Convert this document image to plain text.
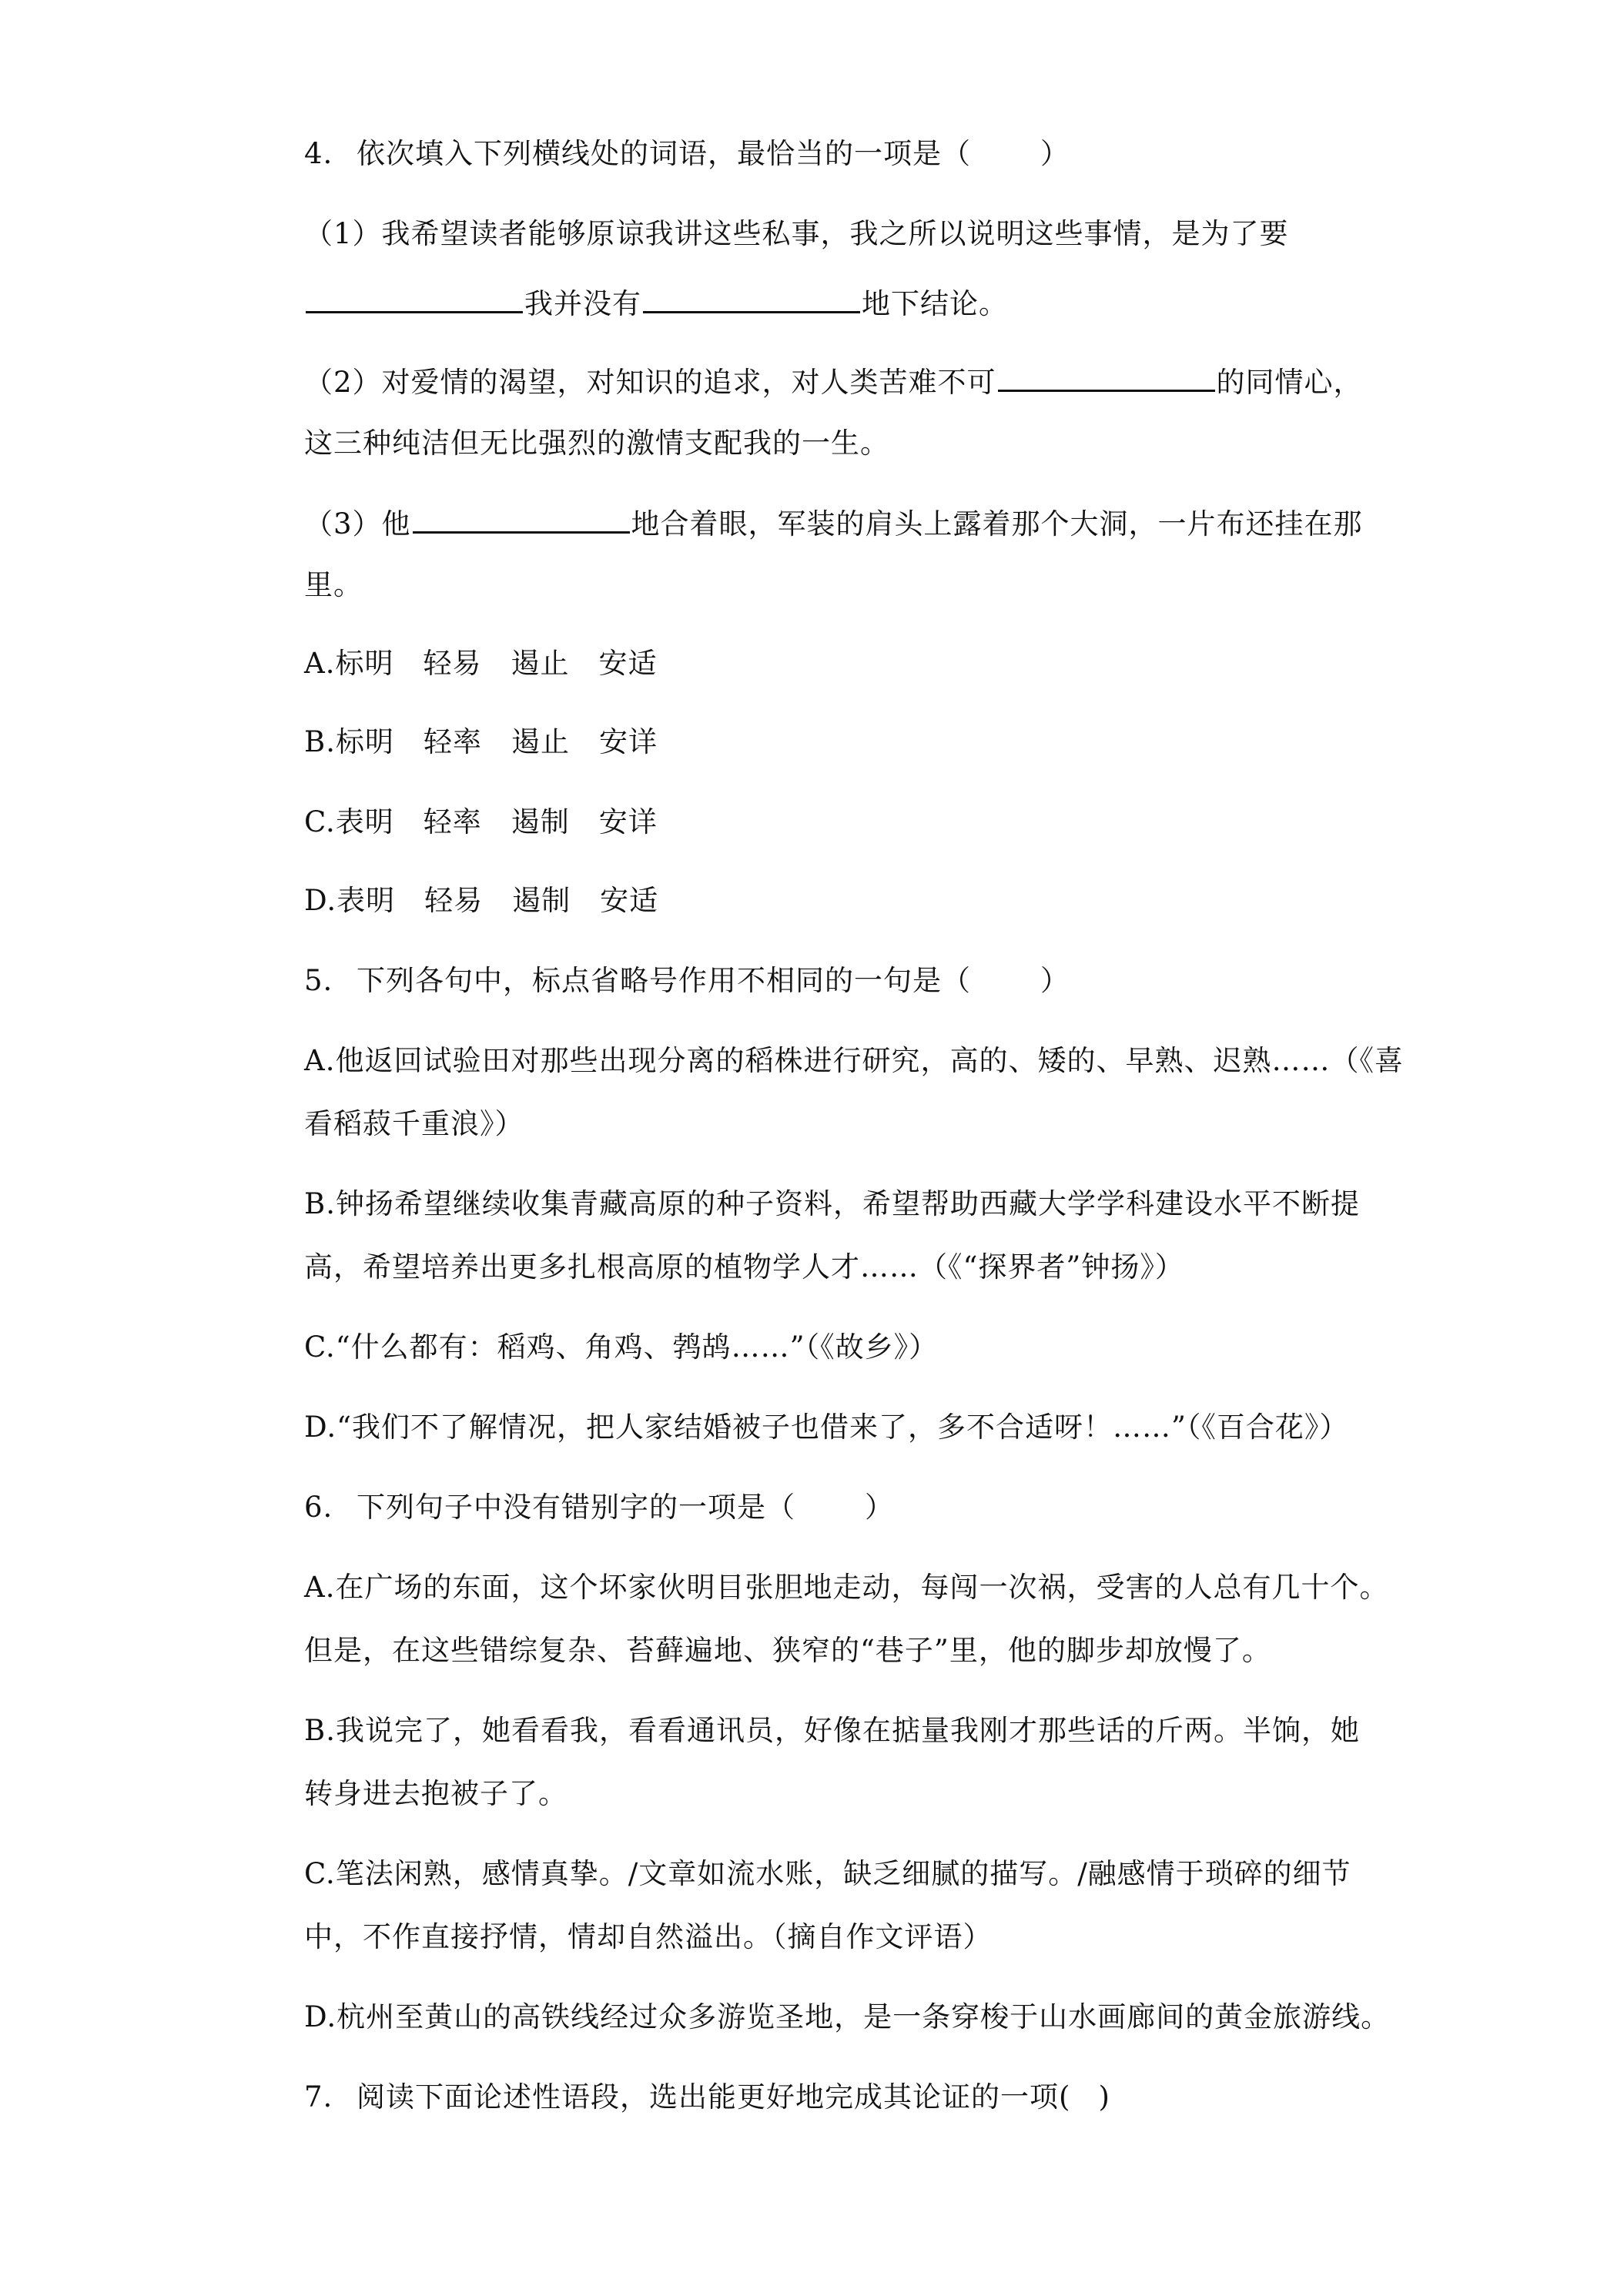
4. 依次填入下列横线处的词语，最恰当的一项是（ ）
（1）我希望读者能够原谅我讲这些私事，我之所以说明这些事情，是为了要
我并没有	地下结论。
（2）对爱情的渴望，对知识的追求，对人类苦难不可	的同情心，
这三种纯洁但无比强烈的激情支配我的一生。
（3）他	地合着眼，军装的肩头上露着那个大洞，一片布还挂在那
里。
A.标明 轻易 遏止 安适
B.标明 轻率 遏止 安详
C.表明 轻率 遏制 安详
D.表明 轻易 遏制 安适
5. 下列各句中，标点省略号作用不相同的一句是（ ）
A.他返回试验田对那些出现分离的稻株进行研究，高的、矮的、早熟、迟熟……（《喜
看稻菽千重浪》）
B.钟扬希望继续收集青藏高原的种子资料，希望帮助西藏大学学科建设水平不断提
高，希望培养出更多扎根高原的植物学人才……（《“探界者”钟扬》）
C.“什么都有：稻鸡、角鸡、鹁鸪……”（《故乡》）
D.“我们不了解情况，把人家结婚被子也借来了，多不合适呀！……”（《百合花》）
6. 下列句子中没有错别字的一项是（ ）
A.在广场的东面，这个坏家伙明目张胆地走动，每闯一次祸，受害的人总有几十个。
但是，在这些错综复杂、苔藓遍地、狭窄的“巷子”里，他的脚步却放慢了。
B.我说完了，她看看我，看看通讯员，好像在掂量我刚才那些话的斤两。半饷，她
转身进去抱被子了。
C.笔法闲熟，感情真挚。/文章如流水账，缺乏细腻的描写。/融感情于琐碎的细节
中，不作直接抒情，情却自然溢出。（摘自作文评语）
D.杭州至黄山的高铁线经过众多游览圣地，是一条穿梭于山水画廊间的黄金旅游线。
7. 阅读下面论述性语段，选出能更好地完成其论证的一项( )
